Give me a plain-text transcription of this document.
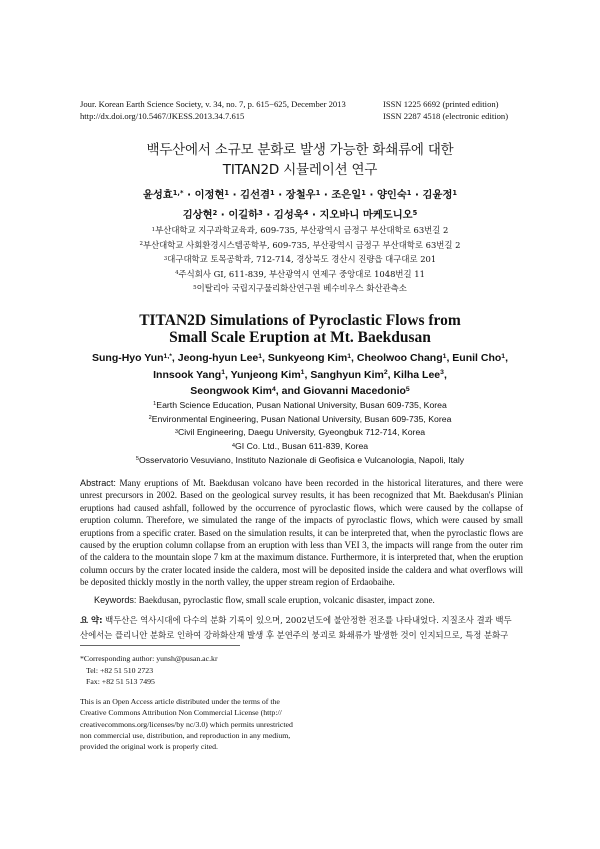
Jour. Korean Earth Science Society, v. 34, no. 7, p. 615−625, December 2013
http://dx.doi.org/10.5467/JKESS.2013.34.7.615
ISSN 1225 6692 (printed edition)
ISSN 2287 4518 (electronic edition)
백두산에서 소규모 분화로 발생 가능한 화쇄류에 대한
TITAN2D 시뮬레이션 연구
윤성효$^{1,*}$ · 이정현$^1$ · 김선겸$^1$ · 장철우$^1$ · 조은일$^1$ · 양인숙$^1$ · 김윤정$^1$
김상현$^2$ · 이길하$^3$ · 김성욱$^4$ · 지오바니 마케도니오$^5$
$^1$부산대학교 지구과학교육과, 609-735, 부산광역시 금정구 부산대학로 63번길 2
$^2$부산대학교 사회환경시스템공학부, 609-735, 부산광역시 금정구 부산대학로 63번길 2
$^3$대구대학교 토목공학과, 712-714, 경상북도 경산시 진량읍 대구대로 201
$^4$주식회사 GI, 611-839, 부산광역시 연제구 중앙대로 1048번길 11
$^5$이탈리아 국립지구물리화산연구원 베수비우스 화산관측소
TITAN2D Simulations of Pyroclastic Flows from
Small Scale Eruption at Mt. Baekdusan
Sung-Hyo Yun$^{1,*}$, Jeong-hyun Lee$^1$, Sunkyeong Kim$^1$, Cheolwoo Chang$^1$, Eunil Cho$^1$,
Innsook Yang$^1$, Yunjeong Kim$^1$, Sanghyun Kim$^2$, Kilha Lee$^3$,
Seongwook Kim$^4$, and Giovanni Macedonio$^5$
$^1$Earth Science Education, Pusan National University, Busan 609-735, Korea
$^2$Environmental Engineering, Pusan National University, Busan 609-735, Korea
$^3$Civil Engineering, Daegu University, Gyeongbuk 712-714, Korea
$^4$GI Co. Ltd., Busan 611-839, Korea
$^5$Osservatorio Vesuviano, Instituto Nazionale di Geofisica e Vulcanologia, Napoli, Italy

Abstract: Many eruptions of Mt. Baekdusan volcano have been recorded in the historical literatures, and there were unrest precursors in 2002. Based on the geological survey results, it has been recognized that Mt. Baekdusan's Plinian eruptions had caused ashfall, followed by the occurrence of pyroclastic flows, which were caused by the collapse of eruption column. Therefore, we simulated the range of the impacts of pyroclastic flows, which were caused by small eruptions from a specific crater. Based on the simulation results, it can be interpreted that, when the pyroclastic flows are caused by the eruption column collapse from an eruption with less than VEI 3, the impacts will range from the outer rim of the caldera to the mountain slope 7 km at the maximum distance. Furthermore, it is interpreted that, when the eruption column occurs by the crater located inside the caldera, most will be deposited inside the caldera and what overflows will be deposited thickly mostly in the north valley, the upper stream region of Erdaobaihe.

Keywords: Baekdusan, pyroclastic flow, small scale eruption, volcanic disaster, impact zone.
요 약: 백두산은 역사시대에 다수의 분화 기록이 있으며, 2002년도에 불안정한 전조를 나타내었다. 지질조사 결과 백두
산에서는 플리니안 분화로 인하여 강하화산재 발생 후 분연주의 붕괴로 화쇄류가 발생한 것이 인지되므로, 특정 분화구
*Corresponding author: yunsh@pusan.ac.kr
Tel: +82 51 510 2723
Fax: +82 51 513 7495
This is an Open Access article distributed under the terms of the
Creative Commons Attribution Non Commercial License (http://
creativecommons.org/licenses/by nc/3.0) which permits unrestricted
non commercial use, distribution, and reproduction in any medium,
provided the original work is properly cited.
